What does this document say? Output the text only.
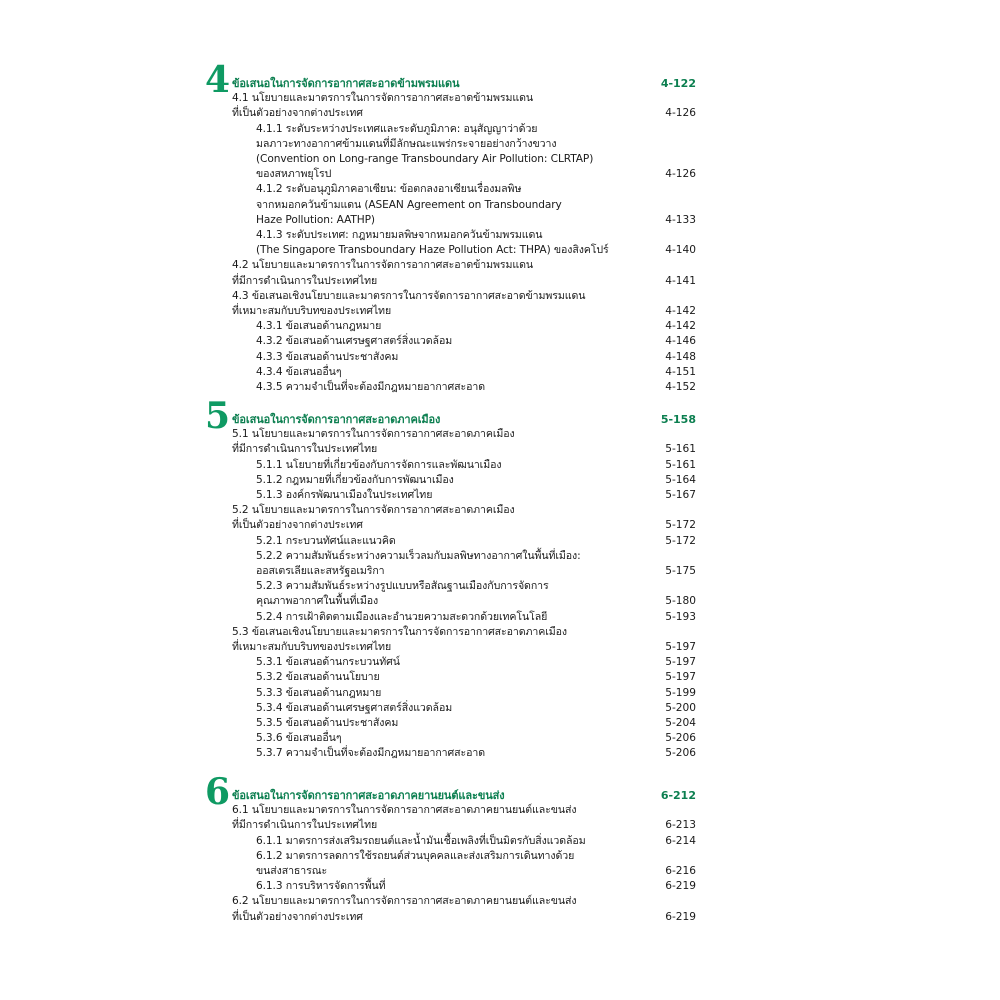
4 ข้อเสนอในการจัดการอากาศสะอาดข้ามพรมแดน	4-122
4.1 นโยบายและมาตรการในการจัดการอากาศสะอาดข้ามพรมแดน
ที่เป็นตัวอย่างจากต่างประเทศ	4-126
4.1.1 ระดับระหว่างประเทศและระดับภูมิภาค: อนุสัญญาว่าด้วย
มลภาวะทางอากาศข้ามแดนที่มีลักษณะแพร่กระจายอย่างกว้างขวาง
(Convention on Long-range Transboundary Air Pollution: CLRTAP)
ของสหภาพยุโรป	4-126
4.1.2 ระดับอนุภูมิภาคอาเซียน: ข้อตกลงอาเซียนเรื่องมลพิษ
จากหมอกควันข้ามแดน (ASEAN Agreement on Transboundary
Haze Pollution: AATHP)	4-133
4.1.3 ระดับประเทศ: กฎหมายมลพิษจากหมอกควันข้ามพรมแดน
(The Singapore Transboundary Haze Pollution Act: THPA) ของสิงคโปร์	4-140
4.2 นโยบายและมาตรการในการจัดการอากาศสะอาดข้ามพรมแดน
ที่มีการดำเนินการในประเทศไทย	4-141
4.3 ข้อเสนอเชิงนโยบายและมาตรการในการจัดการอากาศสะอาดข้ามพรมแดน
ที่เหมาะสมกับบริบทของประเทศไทย	4-142
4.3.1 ข้อเสนอด้านกฎหมาย	4-142
4.3.2 ข้อเสนอด้านเศรษฐศาสตร์สิ่งแวดล้อม	4-146
4.3.3 ข้อเสนอด้านประชาสังคม	4-148
4.3.4 ข้อเสนออื่นๆ	4-151
4.3.5 ความจำเป็นที่จะต้องมีกฎหมายอากาศสะอาด	4-152
5 ข้อเสนอในการจัดการอากาศสะอาดภาคเมือง	5-158
5.1 นโยบายและมาตรการในการจัดการอากาศสะอาดภาคเมือง
ที่มีการดำเนินการในประเทศไทย	5-161
5.1.1 นโยบายที่เกี่ยวข้องกับการจัดการและพัฒนาเมือง	5-161
5.1.2 กฎหมายที่เกี่ยวข้องกับการพัฒนาเมือง	5-164
5.1.3 องค์กรพัฒนาเมืองในประเทศไทย	5-167
5.2 นโยบายและมาตรการในการจัดการอากาศสะอาดภาคเมือง
ที่เป็นตัวอย่างจากต่างประเทศ	5-172
5.2.1 กระบวนทัศน์และแนวคิด	5-172
5.2.2 ความสัมพันธ์ระหว่างความเร็วลมกับมลพิษทางอากาศในพื้นที่เมือง:
ออสเตรเลียและสหรัฐอเมริกา	5-175
5.2.3 ความสัมพันธ์ระหว่างรูปแบบหรือสัณฐานเมืองกับการจัดการ
คุณภาพอากาศในพื้นที่เมือง	5-180
5.2.4 การเฝ้าติดตามเมืองและอำนวยความสะดวกด้วยเทคโนโลยี	5-193
5.3 ข้อเสนอเชิงนโยบายและมาตรการในการจัดการอากาศสะอาดภาคเมือง
ที่เหมาะสมกับบริบทของประเทศไทย	5-197
5.3.1 ข้อเสนอด้านกระบวนทัศน์	5-197
5.3.2 ข้อเสนอด้านนโยบาย	5-197
5.3.3 ข้อเสนอด้านกฎหมาย	5-199
5.3.4 ข้อเสนอด้านเศรษฐศาสตร์สิ่งแวดล้อม	5-200
5.3.5 ข้อเสนอด้านประชาสังคม	5-204
5.3.6 ข้อเสนออื่นๆ	5-206
5.3.7 ความจำเป็นที่จะต้องมีกฎหมายอากาศสะอาด	5-206
6 ข้อเสนอในการจัดการอากาศสะอาดภาคยานยนต์และขนส่ง	6-212
6.1 นโยบายและมาตรการในการจัดการอากาศสะอาดภาคยานยนต์และขนส่ง
ที่มีการดำเนินการในประเทศไทย	6-213
6.1.1 มาตรการส่งเสริมรถยนต์และน้ำมันเชื้อเพลิงที่เป็นมิตรกับสิ่งแวดล้อม	6-214
6.1.2 มาตรการลดการใช้รถยนต์ส่วนบุคคลและส่งเสริมการเดินทางด้วย
ขนส่งสาธารณะ	6-216
6.1.3 การบริหารจัดการพื้นที่	6-219
6.2 นโยบายและมาตรการในการจัดการอากาศสะอาดภาคยานยนต์และขนส่ง
ที่เป็นตัวอย่างจากต่างประเทศ	6-219
